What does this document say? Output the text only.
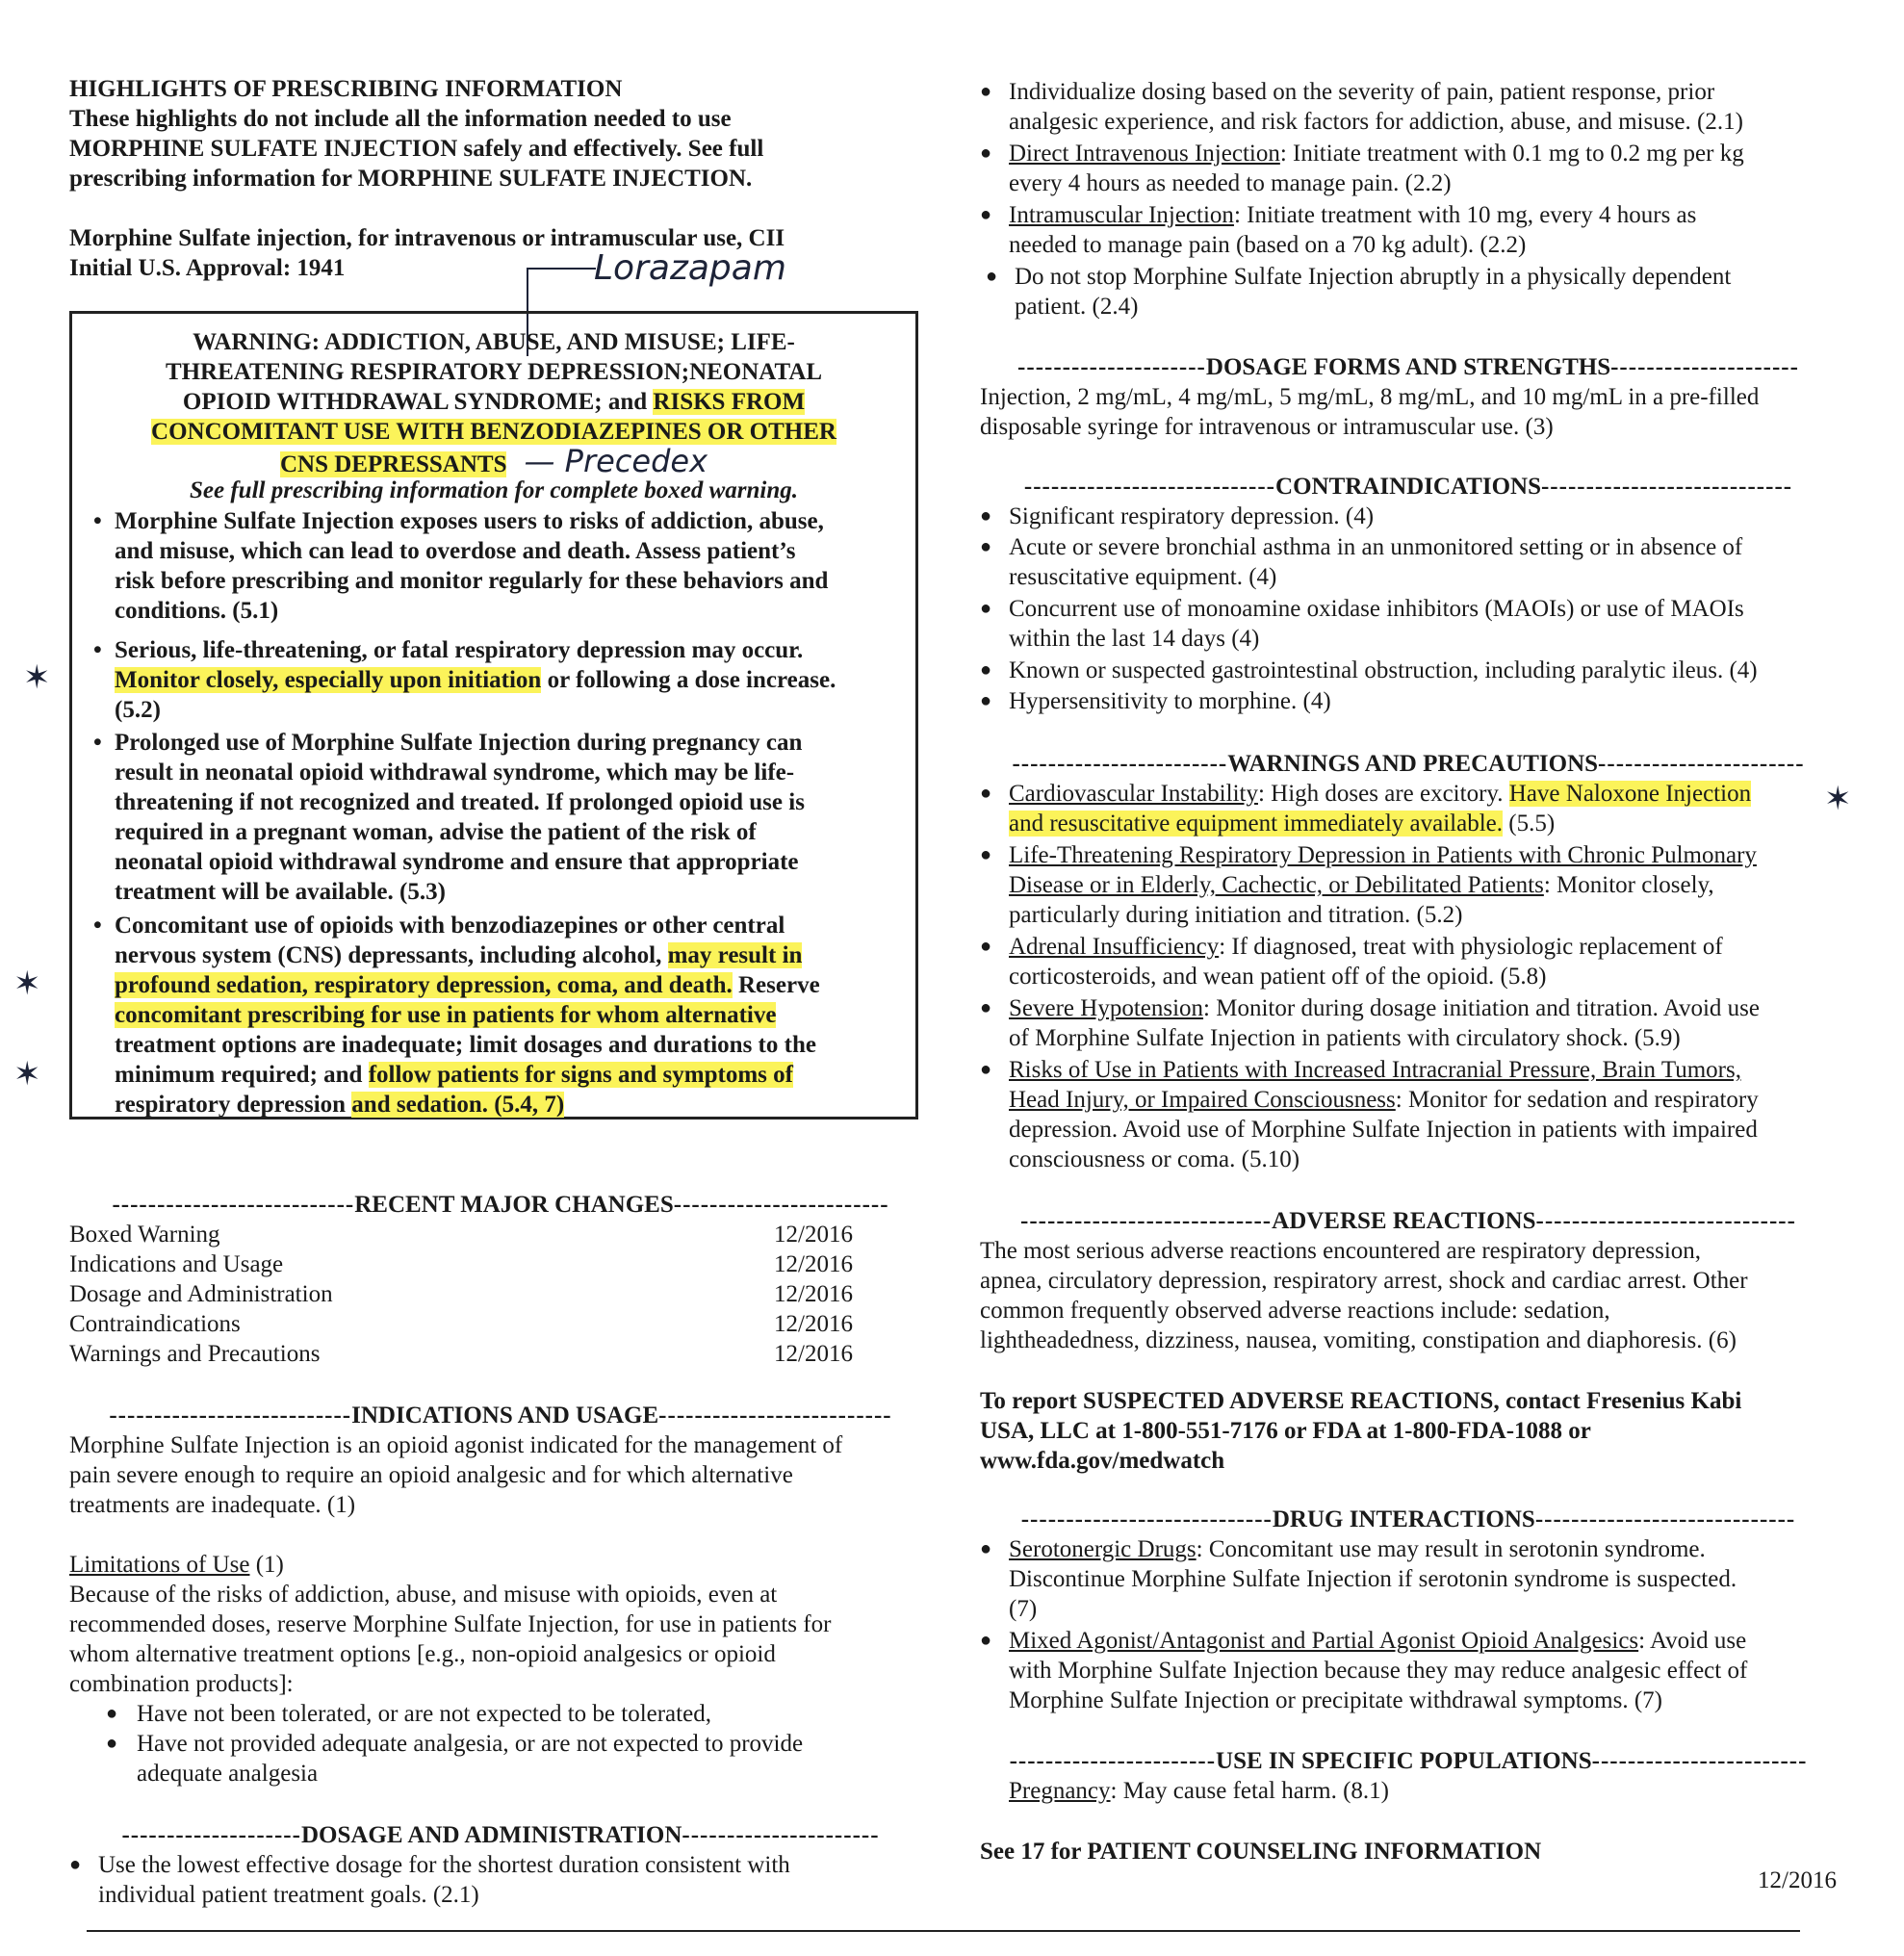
HIGHLIGHTS OF PRESCRIBING INFORMATION
These highlights do not include all the information needed to use
MORPHINE SULFATE INJECTION safely and effectively. See full
prescribing information for MORPHINE SULFATE INJECTION.
Morphine Sulfate injection, for intravenous or intramuscular use, CII
Initial U.S. Approval: 1941	Lorazapam
WARNING: ADDICTION, ABUSE, AND MISUSE; LIFE-
THREATENING RESPIRATORY DEPRESSION;NEONATAL
OPIOID WITHDRAWAL SYNDROME; and RISKS FROM
CONCOMITANT USE WITH BENZODIAZEPINES OR OTHER
CNS DEPRESSANTS — Precedex
See full prescribing information for complete boxed warning.
• Morphine Sulfate Injection exposes users to risks of addiction, abuse,
and misuse, which can lead to overdose and death. Assess patient’s
risk before prescribing and monitor regularly for these behaviors and
conditions. (5.1)
• Serious, life-threatening, or fatal respiratory depression may occur.
Monitor closely, especially upon initiation or following a dose increase.
(5.2)
• Prolonged use of Morphine Sulfate Injection during pregnancy can
result in neonatal opioid withdrawal syndrome, which may be life-
threatening if not recognized and treated. If prolonged opioid use is
required in a pregnant woman, advise the patient of the risk of
neonatal opioid withdrawal syndrome and ensure that appropriate
treatment will be available. (5.3)
• Concomitant use of opioids with benzodiazepines or other central
nervous system (CNS) depressants, including alcohol, may result in
profound sedation, respiratory depression, coma, and death. Reserve
concomitant prescribing for use in patients for whom alternative
treatment options are inadequate; limit dosages and durations to the
minimum required; and follow patients for signs and symptoms of
respiratory depression and sedation. (5.4, 7)
---------------------------RECENT MAJOR CHANGES------------------------
Boxed Warning	12/2016
Indications and Usage	12/2016
Dosage and Administration	12/2016
Contraindications	12/2016
Warnings and Precautions	12/2016
---------------------------INDICATIONS AND USAGE--------------------------
Morphine Sulfate Injection is an opioid agonist indicated for the management of
pain severe enough to require an opioid analgesic and for which alternative
treatments are inadequate. (1)
Limitations of Use (1)
Because of the risks of addiction, abuse, and misuse with opioids, even at
recommended doses, reserve Morphine Sulfate Injection, for use in patients for
whom alternative treatment options [e.g., non-opioid analgesics or opioid
combination products]:
● Have not been tolerated, or are not expected to be tolerated,
● Have not provided adequate analgesia, or are not expected to provide
adequate analgesia
--------------------DOSAGE AND ADMINISTRATION----------------------
● Use the lowest effective dosage for the shortest duration consistent with
individual patient treatment goals. (2.1)
✶
✶
✶
✶
● Individualize dosing based on the severity of pain, patient response, prior
analgesic experience, and risk factors for addiction, abuse, and misuse. (2.1)
● Direct Intravenous Injection: Initiate treatment with 0.1 mg to 0.2 mg per kg
every 4 hours as needed to manage pain. (2.2)
● Intramuscular Injection: Initiate treatment with 10 mg, every 4 hours as
needed to manage pain (based on a 70 kg adult). (2.2)
● Do not stop Morphine Sulfate Injection abruptly in a physically dependent
patient. (2.4)
---------------------DOSAGE FORMS AND STRENGTHS---------------------
Injection, 2 mg/mL, 4 mg/mL, 5 mg/mL, 8 mg/mL, and 10 mg/mL in a pre-filled
disposable syringe for intravenous or intramuscular use. (3)
----------------------------CONTRAINDICATIONS----------------------------
● Significant respiratory depression. (4)
● Acute or severe bronchial asthma in an unmonitored setting or in absence of
resuscitative equipment. (4)
● Concurrent use of monoamine oxidase inhibitors (MAOIs) or use of MAOIs
within the last 14 days (4)
● Known or suspected gastrointestinal obstruction, including paralytic ileus. (4)
● Hypersensitivity to morphine. (4)
------------------------WARNINGS AND PRECAUTIONS-----------------------
● Cardiovascular Instability: High doses are excitory. Have Naloxone Injection
and resuscitative equipment immediately available. (5.5)
● Life-Threatening Respiratory Depression in Patients with Chronic Pulmonary
Disease or in Elderly, Cachectic, or Debilitated Patients: Monitor closely,
particularly during initiation and titration. (5.2)
● Adrenal Insufficiency: If diagnosed, treat with physiologic replacement of
corticosteroids, and wean patient off of the opioid. (5.8)
● Severe Hypotension: Monitor during dosage initiation and titration. Avoid use
of Morphine Sulfate Injection in patients with circulatory shock. (5.9)
● Risks of Use in Patients with Increased Intracranial Pressure, Brain Tumors,
Head Injury, or Impaired Consciousness: Monitor for sedation and respiratory
depression. Avoid use of Morphine Sulfate Injection in patients with impaired
consciousness or coma. (5.10)
----------------------------ADVERSE REACTIONS-----------------------------
The most serious adverse reactions encountered are respiratory depression,
apnea, circulatory depression, respiratory arrest, shock and cardiac arrest. Other
common frequently observed adverse reactions include: sedation,
lightheadedness, dizziness, nausea, vomiting, constipation and diaphoresis. (6)
To report SUSPECTED ADVERSE REACTIONS, contact Fresenius Kabi
USA, LLC at 1-800-551-7176 or FDA at 1-800-FDA-1088 or
www.fda.gov/medwatch
----------------------------DRUG INTERACTIONS-----------------------------
● Serotonergic Drugs: Concomitant use may result in serotonin syndrome.
Discontinue Morphine Sulfate Injection if serotonin syndrome is suspected.
(7)
● Mixed Agonist/Antagonist and Partial Agonist Opioid Analgesics: Avoid use
with Morphine Sulfate Injection because they may reduce analgesic effect of
Morphine Sulfate Injection or precipitate withdrawal symptoms. (7)
-----------------------USE IN SPECIFIC POPULATIONS------------------------
Pregnancy: May cause fetal harm. (8.1)
See 17 for PATIENT COUNSELING INFORMATION
12/2016
